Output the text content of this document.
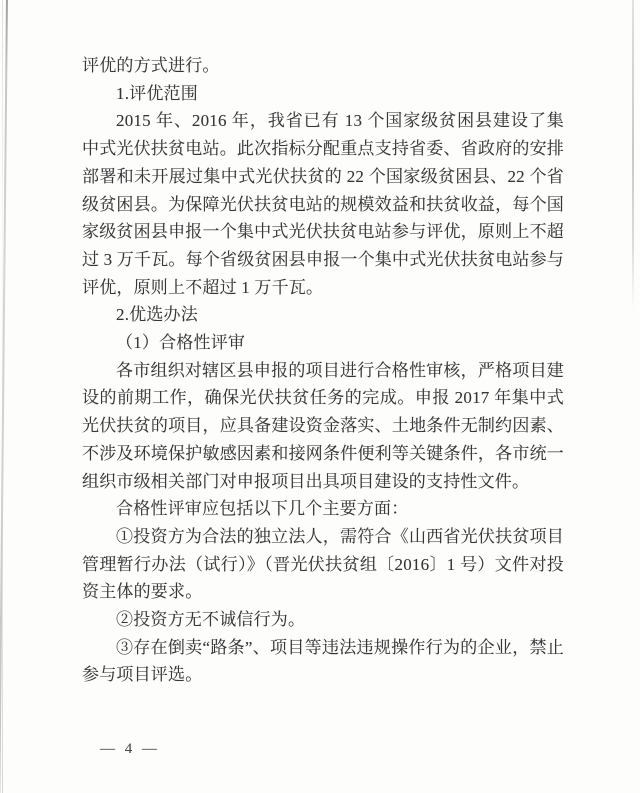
评优的方式进行。

1.评优范围

2015 年、2016 年，我省已有 13 个国家级贫困县建设了集中式光伏扶贫电站。此次指标分配重点支持省委、省政府的安排部署和未开展过集中式光伏扶贫的 22 个国家级贫困县、22 个省级贫困县。为保障光伏扶贫电站的规模效益和扶贫收益，每个国家级贫困县申报一个集中式光伏扶贫电站参与评优，原则上不超过 3 万千瓦。每个省级贫困县申报一个集中式光伏扶贫电站参与评优，原则上不超过 1 万千瓦。

2.优选办法

（1）合格性评审

各市组织对辖区县申报的项目进行合格性审核，严格项目建设的前期工作，确保光伏扶贫任务的完成。申报 2017 年集中式光伏扶贫的项目，应具备建设资金落实、土地条件无制约因素、不涉及环境保护敏感因素和接网条件便利等关键条件，各市统一组织市级相关部门对申报项目出具项目建设的支持性文件。

合格性评审应包括以下几个主要方面：

①投资方为合法的独立法人，需符合《山西省光伏扶贫项目管理暂行办法（试行）》（晋光伏扶贫组〔2016〕1 号）文件对投资主体的要求。

②投资方无不诚信行为。

③存在倒卖“路条”、项目等违法违规操作行为的企业，禁止参与项目评选。

— 4 —
